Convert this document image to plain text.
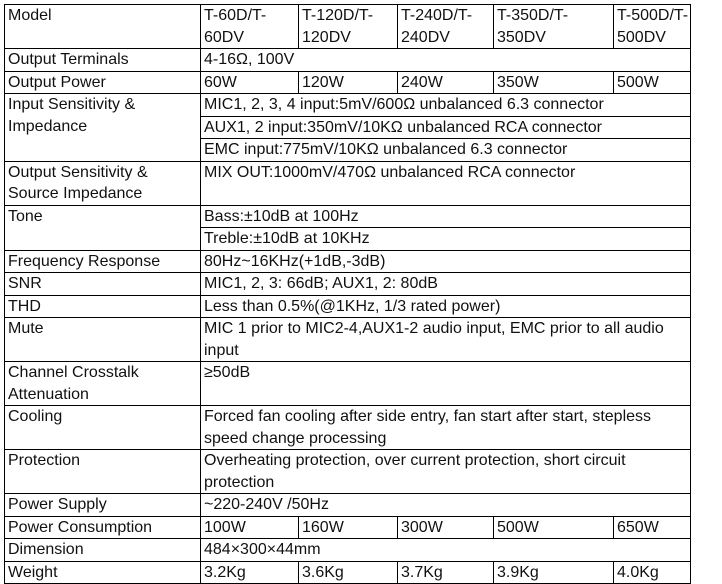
Model	T-60D/T-60DV	T-120D/T-120DV	T-240D/T-240DV	T-350D/T-350DV	T-500D/T-500DV
Output Terminals	4-16Ω, 100V				
Output Power	60W	120W	240W	350W	500W
Input Sensitivity & Impedance	MIC1, 2, 3, 4 input:5mV/600Ω unbalanced 6.3 connector				
	AUX1, 2 input:350mV/10KΩ unbalanced RCA connector				
	EMC input:775mV/10KΩ unbalanced 6.3 connector				
Output Sensitivity & Source Impedance	MIX OUT:1000mV/470Ω unbalanced RCA connector				
Tone	Bass:±10dB at 100Hz				
	Treble:±10dB at 10KHz				
Frequency Response	80Hz~16KHz(+1dB,-3dB)				
SNR	MIC1, 2, 3: 66dB; AUX1, 2: 80dB				
THD	Less than 0.5%(@1KHz, 1/3 rated power)				
Mute	MIC 1 prior to MIC2-4,AUX1-2 audio input, EMC prior to all audio input				
Channel Crosstalk Attenuation	≥50dB				
Cooling	Forced fan cooling after side entry, fan start after start, stepless speed change processing				
Protection	Overheating protection, over current protection, short circuit protection				
Power Supply	~220-240V /50Hz				
Power Consumption	100W	160W	300W	500W	650W
Dimension	484×300×44mm				
Weight	3.2Kg	3.6Kg	3.7Kg	3.9Kg	4.0Kg
